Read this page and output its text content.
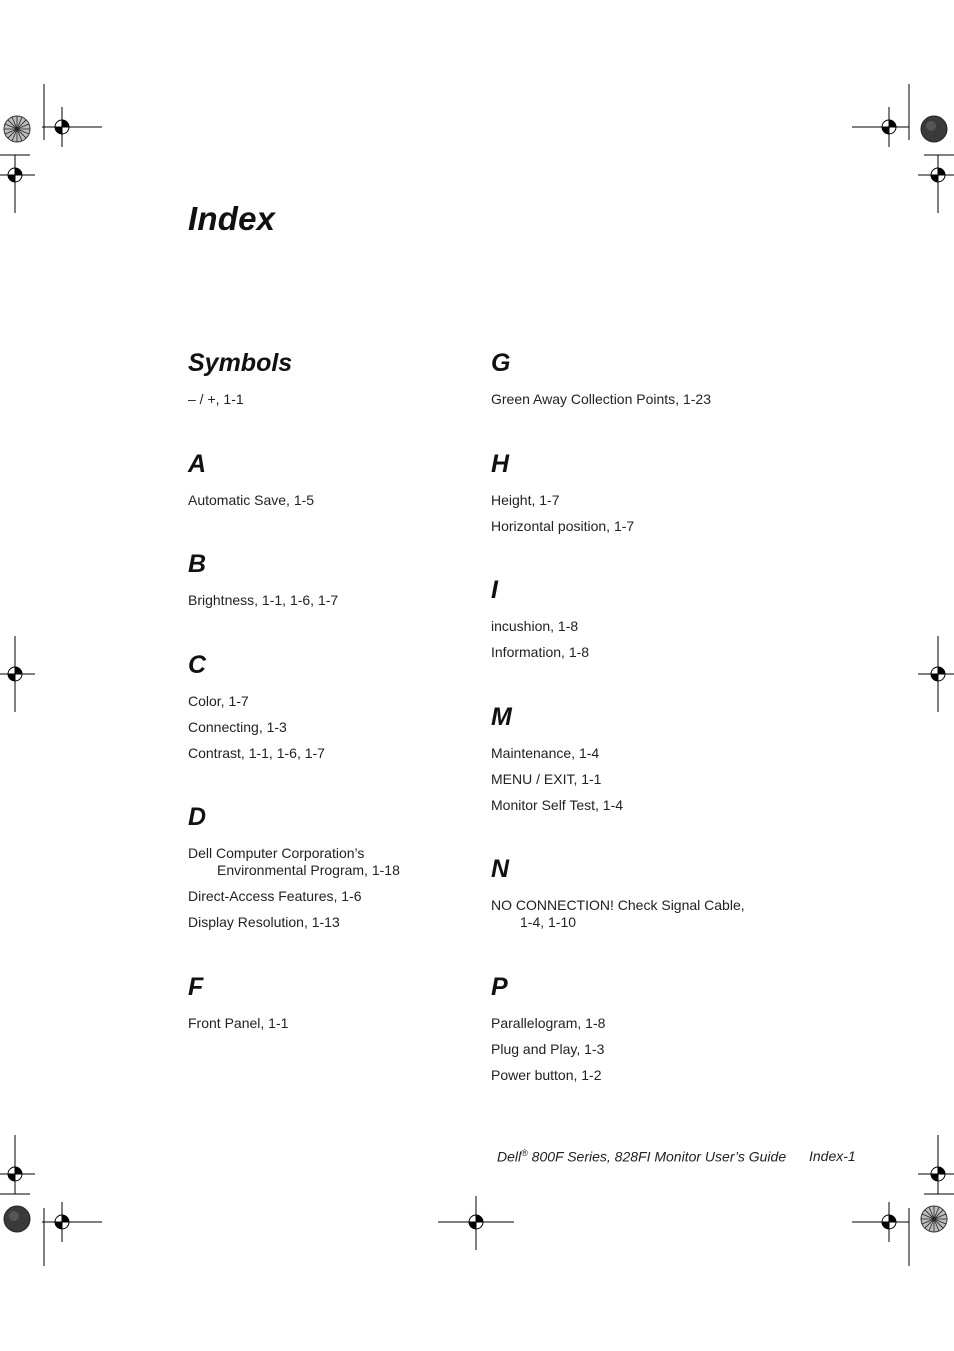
Index
Symbols
– / +, 1-1
A
Automatic Save, 1-5
B
Brightness, 1-1, 1-6, 1-7
C
Color, 1-7
Connecting, 1-3
Contrast, 1-1, 1-6, 1-7
D
Dell Computer Corporation’s
Environmental Program, 1-18
Direct-Access Features, 1-6
Display Resolution, 1-13
F
Front Panel, 1-1
G
Green Away Collection Points, 1-23
H
Height, 1-7
Horizontal position, 1-7
I
incushion, 1-8
Information, 1-8
M
Maintenance, 1-4
MENU / EXIT, 1-1
Monitor Self Test, 1-4
N
NO CONNECTION! Check Signal Cable,
1-4, 1-10
P
Parallelogram, 1-8
Plug and Play, 1-3
Power button, 1-2
Dell® 800F Series, 828FI Monitor User’s Guide Index-1
